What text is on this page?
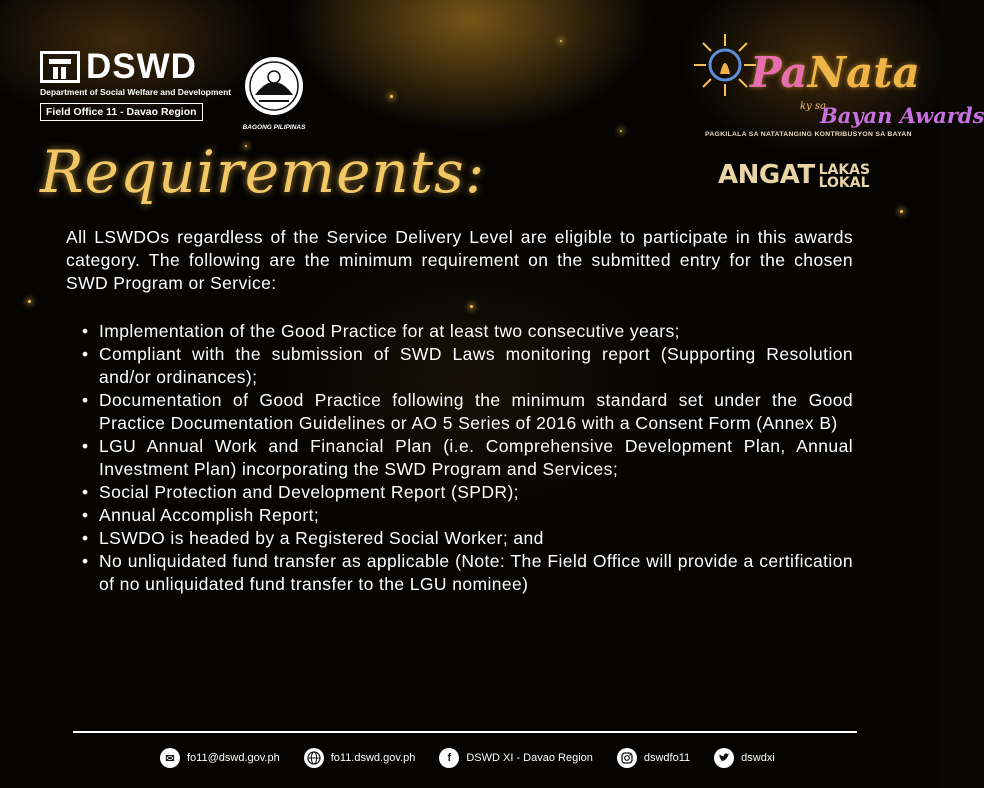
DSWD
Department of Social Welfare and Development
Field Office 11 - Davao Region
BAGONG PILIPINAS
PaNata
ky sa
Bayan Awards
PAGKILALA SA NATATANGING KONTRIBUSYON SA BAYAN
ANGAT LAKAS
LOKAL
Requirements:

All LSWDOs regardless of the Service Delivery Level are eligible to participate in this awards category. The following are the minimum requirement on the submitted entry for the chosen SWD Program or Service:

• Implementation of the Good Practice for at least two consecutive years;
• Compliant with the submission of SWD Laws monitoring report (Supporting Resolution and/or ordinances);
• Documentation of Good Practice following the minimum standard set under the Good Practice Documentation Guidelines or AO 5 Series of 2016 with a Consent Form (Annex B)
• LGU Annual Work and Financial Plan (i.e. Comprehensive Development Plan, Annual Investment Plan) incorporating the SWD Program and Services;
• Social Protection and Development Report (SPDR);
• Annual Accomplish Report;
• LSWDO is headed by a Registered Social Worker; and
• No unliquidated fund transfer as applicable (Note: The Field Office will provide a certification of no unliquidated fund transfer to the LGU nominee)
✉	fo11@dswd.gov.ph	fo11.dswd.gov.ph	f	DSWD XI - Davao Region	dswdfo11	dswdxi
